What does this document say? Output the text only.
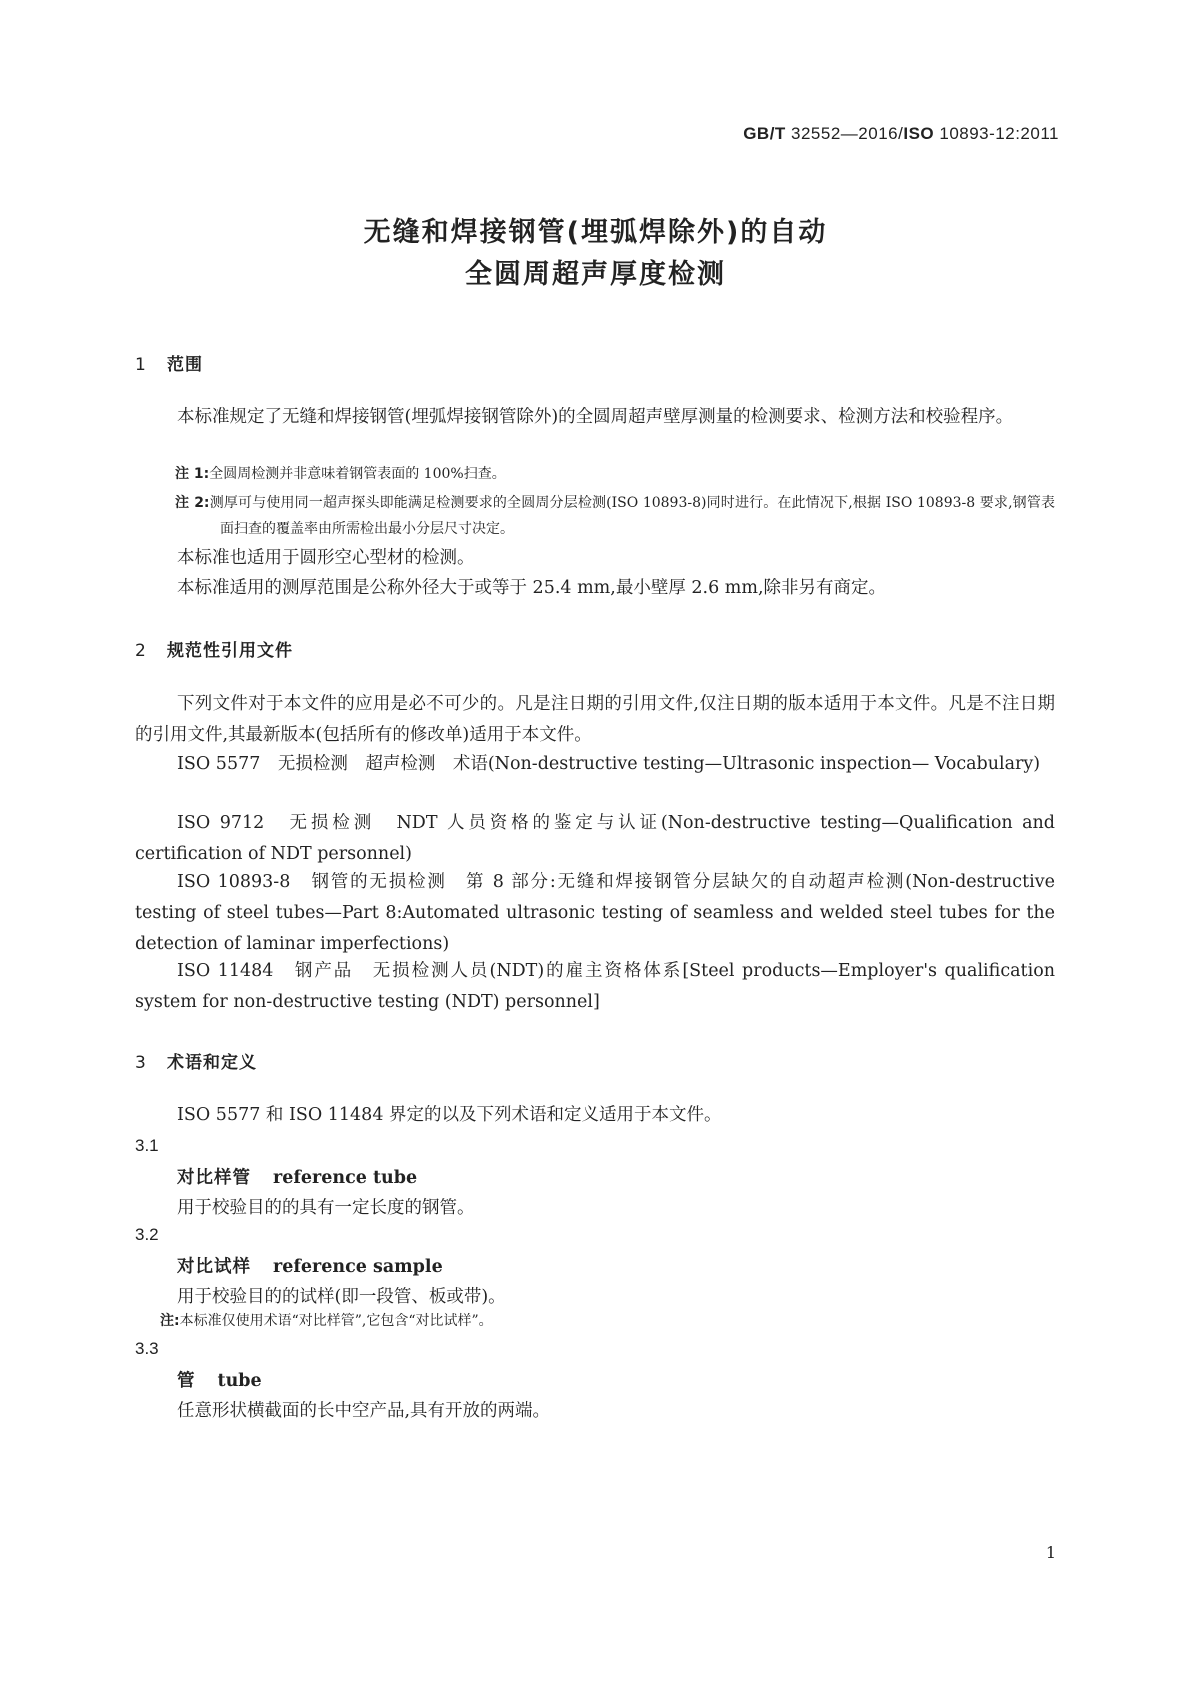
GB/T 32552—2016/ISO 10893-12:2011
无缝和焊接钢管(埋弧焊除外)的自动
全圆周超声厚度检测
1 范围
本标准规定了无缝和焊接钢管(埋弧焊接钢管除外)的全圆周超声壁厚测量的检测要求、检测方法和校验程序。
注 1:全圆周检测并非意味着钢管表面的 100%扫查。
注 2:测厚可与使用同一超声探头即能满足检测要求的全圆周分层检测(ISO 10893-8)同时进行。在此情况下,根据 ISO 10893-8 要求,钢管表面扫查的覆盖率由所需检出最小分层尺寸决定。
本标准也适用于圆形空心型材的检测。
本标准适用的测厚范围是公称外径大于或等于 25.4 mm,最小壁厚 2.6 mm,除非另有商定。
2 规范性引用文件
下列文件对于本文件的应用是必不可少的。凡是注日期的引用文件,仅注日期的版本适用于本文件。凡是不注日期的引用文件,其最新版本(包括所有的修改单)适用于本文件。
ISO 5577　无损检测　超声检测　术语(Non-destructive testing—Ultrasonic inspection— Vocabulary)
ISO 9712　无损检测　NDT 人员资格的鉴定与认证(Non-destructive testing—Qualification and certification of NDT personnel)
ISO 10893-8　钢管的无损检测　第 8 部分:无缝和焊接钢管分层缺欠的自动超声检测(Non-destructive testing of steel tubes—Part 8:Automated ultrasonic testing of seamless and welded steel tubes for the detection of laminar imperfections)
ISO 11484　钢产品　无损检测人员(NDT)的雇主资格体系[Steel products—Employer's qualification system for non-destructive testing (NDT) personnel]
3 术语和定义
ISO 5577 和 ISO 11484 界定的以及下列术语和定义适用于本文件。
3.1
对比样管 reference tube
用于校验目的的具有一定长度的钢管。
3.2
对比试样 reference sample
用于校验目的的试样(即一段管、板或带)。
注:本标准仅使用术语“对比样管”,它包含“对比试样”。
3.3
管 tube
任意形状横截面的长中空产品,具有开放的两端。
1
